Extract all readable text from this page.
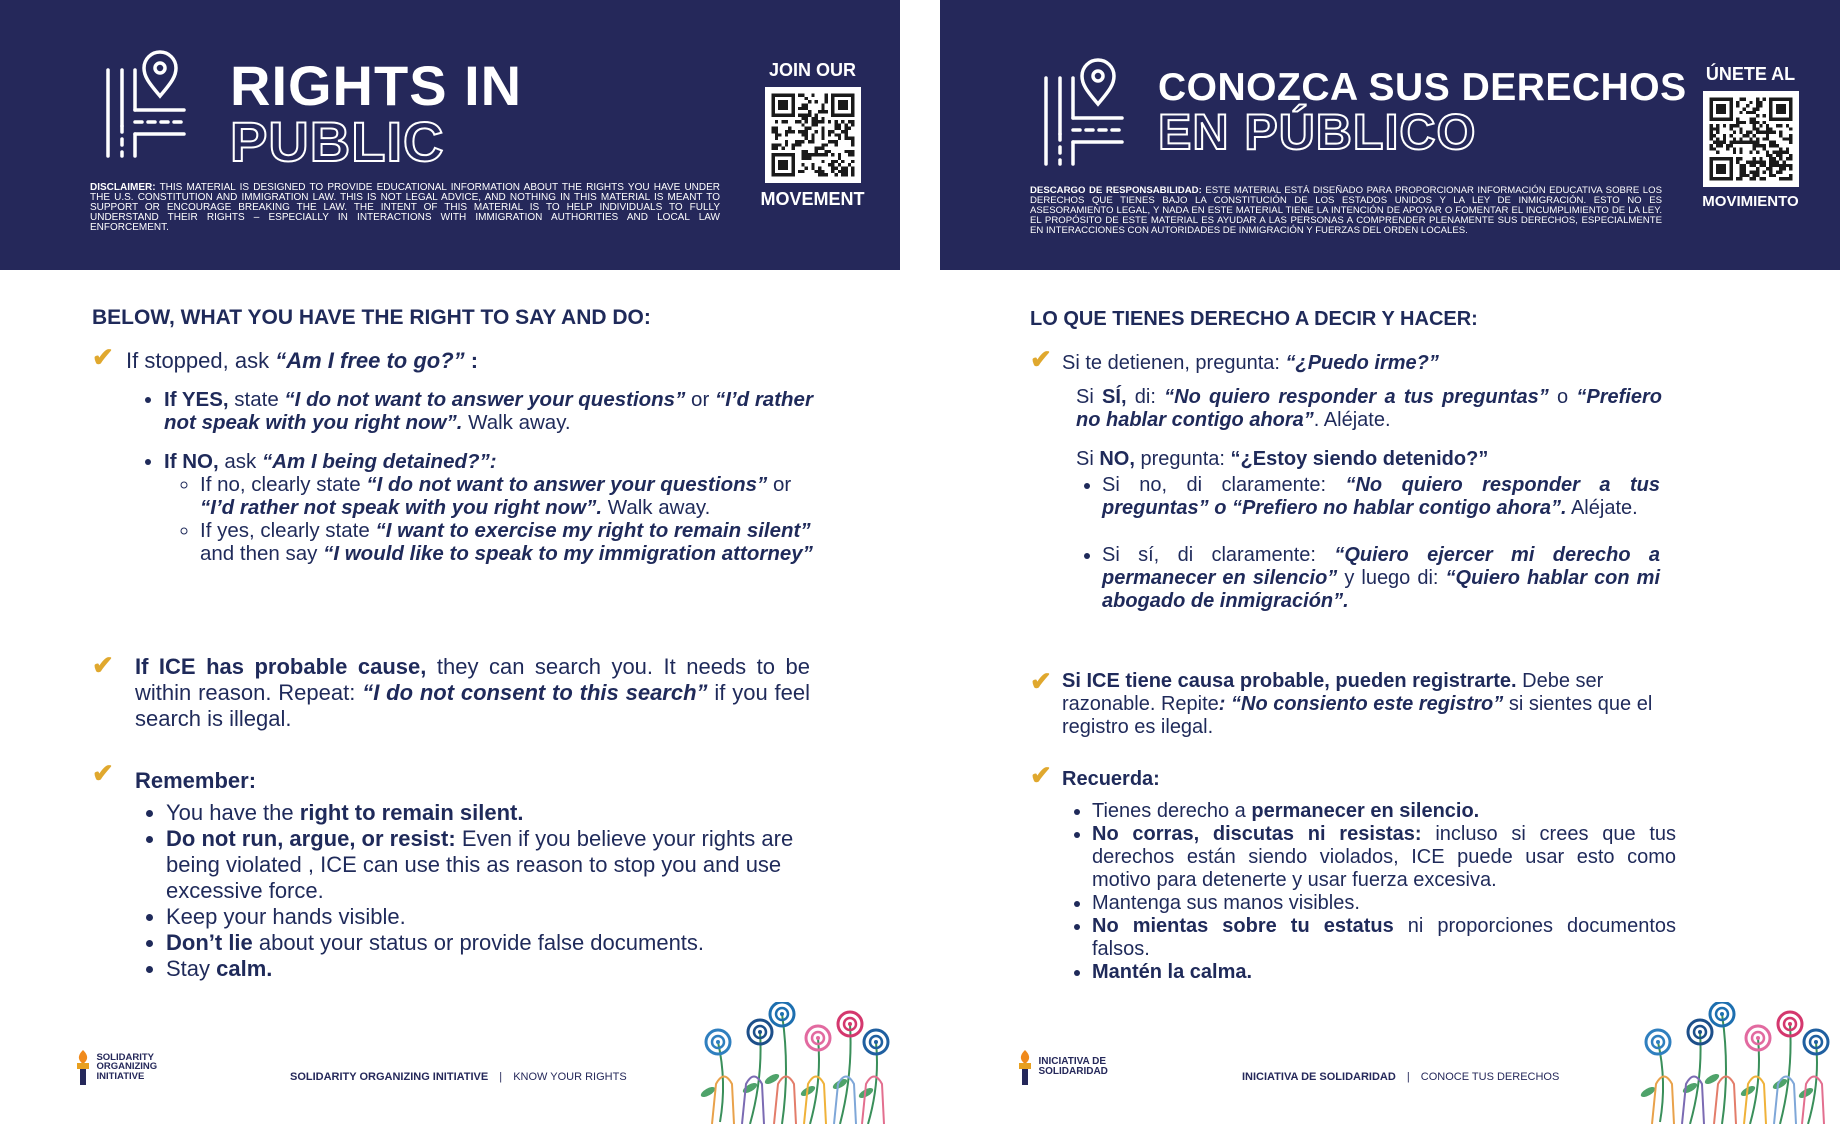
RIGHTS IN
PUBLIC
DISCLAIMER: THIS MATERIAL IS DESIGNED TO PROVIDE EDUCATIONAL INFORMATION ABOUT THE RIGHTS YOU HAVE UNDER THE U.S. CONSTITUTION AND IMMIGRATION LAW. THIS IS NOT LEGAL ADVICE, AND NOTHING IN THIS MATERIAL IS MEANT TO SUPPORT OR ENCOURAGE BREAKING THE LAW. THE INTENT OF THIS MATERIAL IS TO HELP INDIVIDUALS TO FULLY UNDERSTAND THEIR RIGHTS – ESPECIALLY IN INTERACTIONS WITH IMMIGRATION AUTHORITIES AND LOCAL LAW ENFORCEMENT.
JOIN OUR
MOVEMENT
BELOW, WHAT YOU HAVE THE RIGHT TO SAY AND DO:
✔ If stopped, ask “Am I free to go?” :
• If YES, state “I do not want to answer your questions” or “I’d rather not speak with you right now”. Walk away.
• If NO, ask “Am I being detained?”:
◦ If no, clearly state “I do not want to answer your questions” or “I’d rather not speak with you right now”. Walk away.
◦ If yes, clearly state “I want to exercise my right to remain silent” and then say “I would like to speak to my immigration attorney”
✔ If ICE has probable cause, they can search you. It needs to be within reason. Repeat: “I do not consent to this search” if you feel search is illegal.
✔ Remember:
• You have the right to remain silent.
• Do not run, argue, or resist: Even if you believe your rights are being violated , ICE can use this as reason to stop you and use excessive force.
• Keep your hands visible.
• Don’t lie about your status or provide false documents.
• Stay calm.
SOLIDARITY
ORGANIZING
INITIATIVE	SOLIDARITY ORGANIZING INITIATIVE | KNOW YOUR RIGHTS
CONOZCA SUS DERECHOS
EN PÚBLICO
DESCARGO DE RESPONSABILIDAD: ESTE MATERIAL ESTÁ DISEÑADO PARA PROPORCIONAR INFORMACIÓN EDUCATIVA SOBRE LOS DERECHOS QUE TIENES BAJO LA CONSTITUCIÓN DE LOS ESTADOS UNIDOS Y LA LEY DE INMIGRACIÓN. ESTO NO ES ASESORAMIENTO LEGAL, Y NADA EN ESTE MATERIAL TIENE LA INTENCIÓN DE APOYAR O FOMENTAR EL INCUMPLIMIENTO DE LA LEY. EL PROPÓSITO DE ESTE MATERIAL ES AYUDAR A LAS PERSONAS A COMPRENDER PLENAMENTE SUS DERECHOS, ESPECIALMENTE EN INTERACCIONES CON AUTORIDADES DE INMIGRACIÓN Y FUERZAS DEL ORDEN LOCALES.
ÚNETE AL
MOVIMIENTO
LO QUE TIENES DERECHO A DECIR Y HACER:
✔ Si te detienen, pregunta: “¿Puedo irme?”
Si SÍ, di: “No quiero responder a tus preguntas” o “Prefiero no hablar contigo ahora”. Aléjate.
Si NO, pregunta: “¿Estoy siendo detenido?”
• Si no, di claramente: “No quiero responder a tus preguntas” o “Prefiero no hablar contigo ahora”. Aléjate.
• Si sí, di claramente: “Quiero ejercer mi derecho a permanecer en silencio” y luego di: “Quiero hablar con mi abogado de inmigración”.
✔ Si ICE tiene causa probable, pueden registrarte. Debe ser razonable. Repite: “No consiento este registro” si sientes que el registro es ilegal.
✔ Recuerda:
• Tienes derecho a permanecer en silencio.
• No corras, discutas ni resistas: incluso si crees que tus derechos están siendo violados, ICE puede usar esto como motivo para detenerte y usar fuerza excesiva.
• Mantenga sus manos visibles.
• No mientas sobre tu estatus ni proporciones documentos falsos.
• Mantén la calma.
INICIATIVA DE
SOLIDARIDAD	INICIATIVA DE SOLIDARIDAD | CONOCE TUS DERECHOS
